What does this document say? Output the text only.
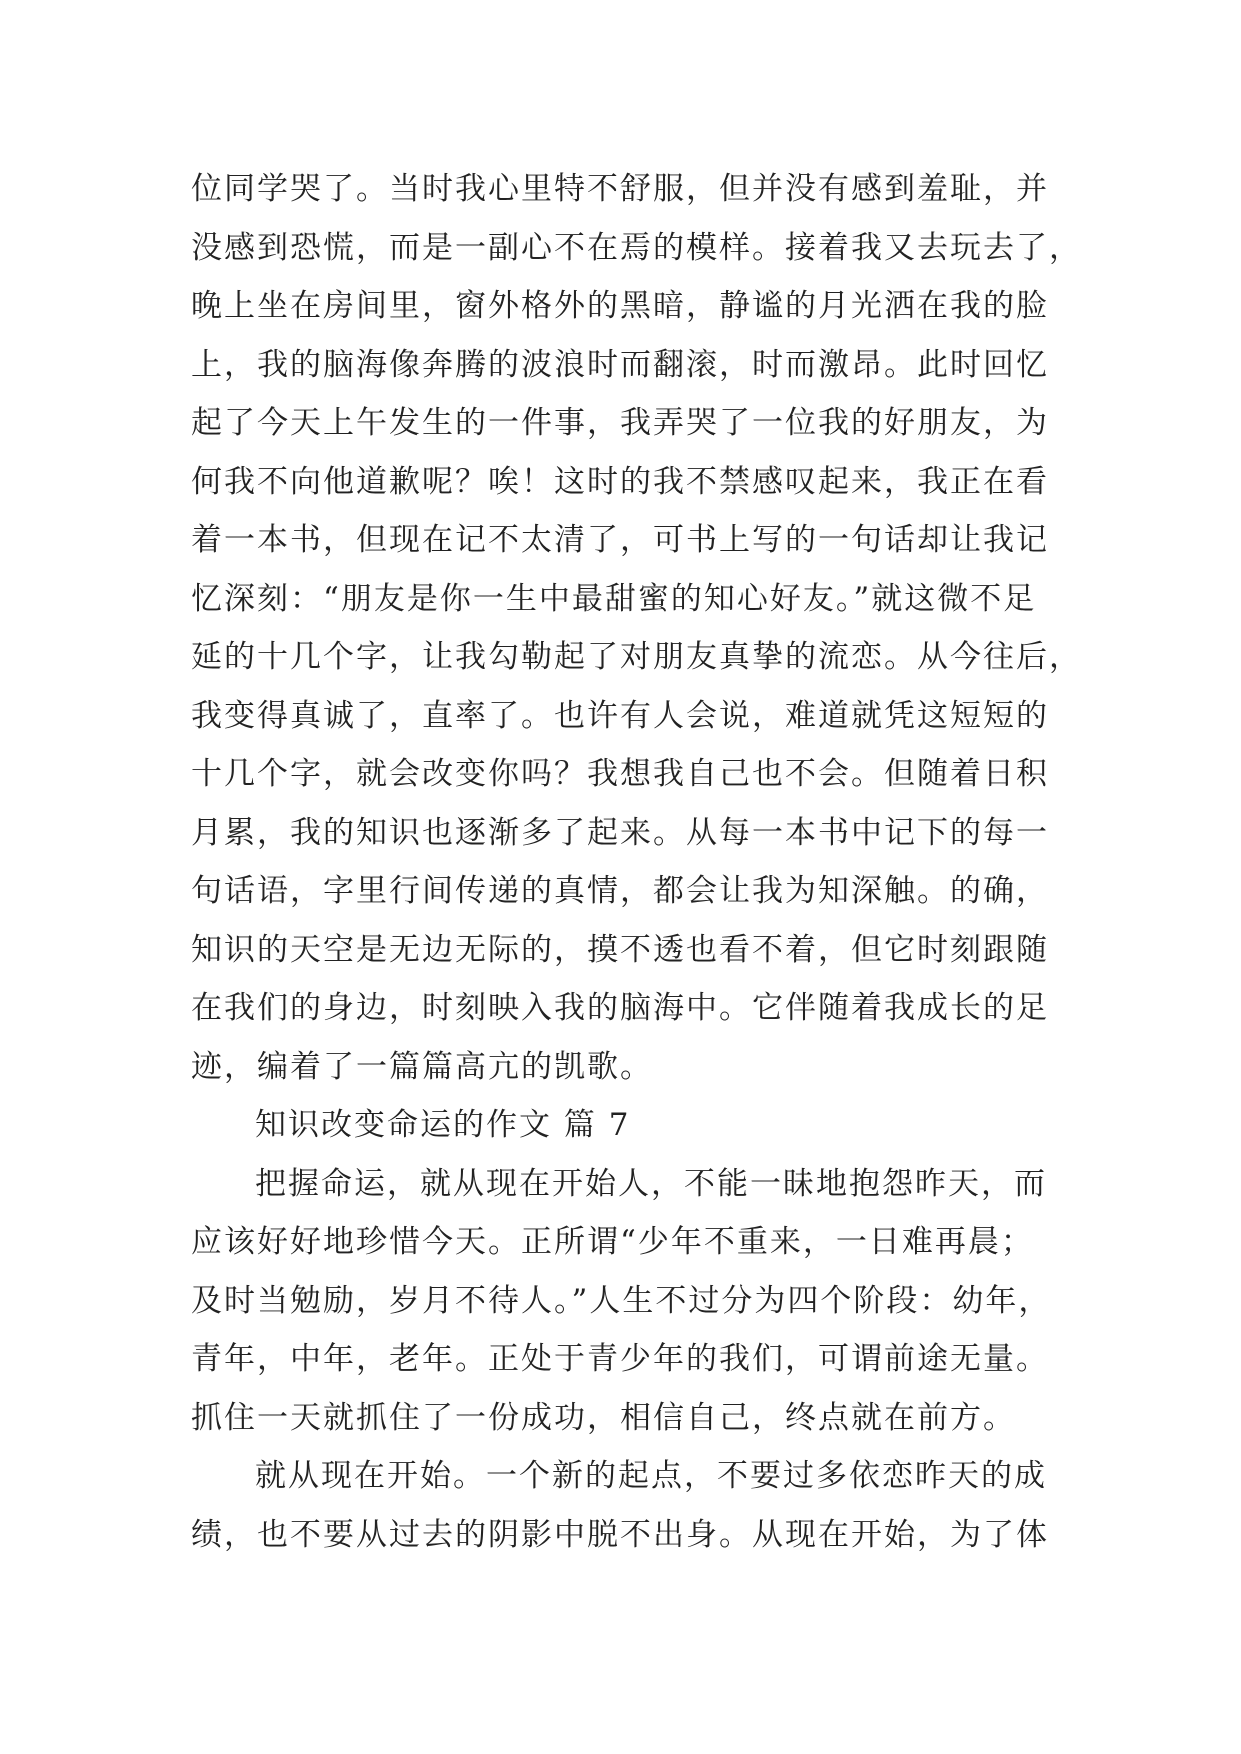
位同学哭了。当时我心里特不舒服，但并没有感到羞耻，并
没感到恐慌，而是一副心不在焉的模样。接着我又去玩去了，
晚上坐在房间里，窗外格外的黑暗，静谧的月光洒在我的脸
上，我的脑海像奔腾的波浪时而翻滚，时而激昂。此时回忆
起了今天上午发生的一件事，我弄哭了一位我的好朋友，为
何我不向他道歉呢？唉！这时的我不禁感叹起来，我正在看
着一本书，但现在记不太清了，可书上写的一句话却让我记
忆深刻：“朋友是你一生中最甜蜜的知心好友。”就这微不足
延的十几个字，让我勾勒起了对朋友真挚的流恋。从今往后，
我变得真诚了，直率了。也许有人会说，难道就凭这短短的
十几个字，就会改变你吗？我想我自己也不会。但随着日积
月累，我的知识也逐渐多了起来。从每一本书中记下的每一
句话语，字里行间传递的真情，都会让我为知深触。的确，
知识的天空是无边无际的，摸不透也看不着，但它时刻跟随
在我们的身边，时刻映入我的脑海中。它伴随着我成长的足
迹，编着了一篇篇高亢的凯歌。
知识改变命运的作文 篇 7
把握命运，就从现在开始人，不能一昧地抱怨昨天，而
应该好好地珍惜今天。正所谓“少年不重来，一日难再晨；
及时当勉励，岁月不待人。”人生不过分为四个阶段：幼年，
青年，中年，老年。正处于青少年的我们，可谓前途无量。
抓住一天就抓住了一份成功，相信自己，终点就在前方。
就从现在开始。一个新的起点，不要过多依恋昨天的成
绩，也不要从过去的阴影中脱不出身。从现在开始，为了体
